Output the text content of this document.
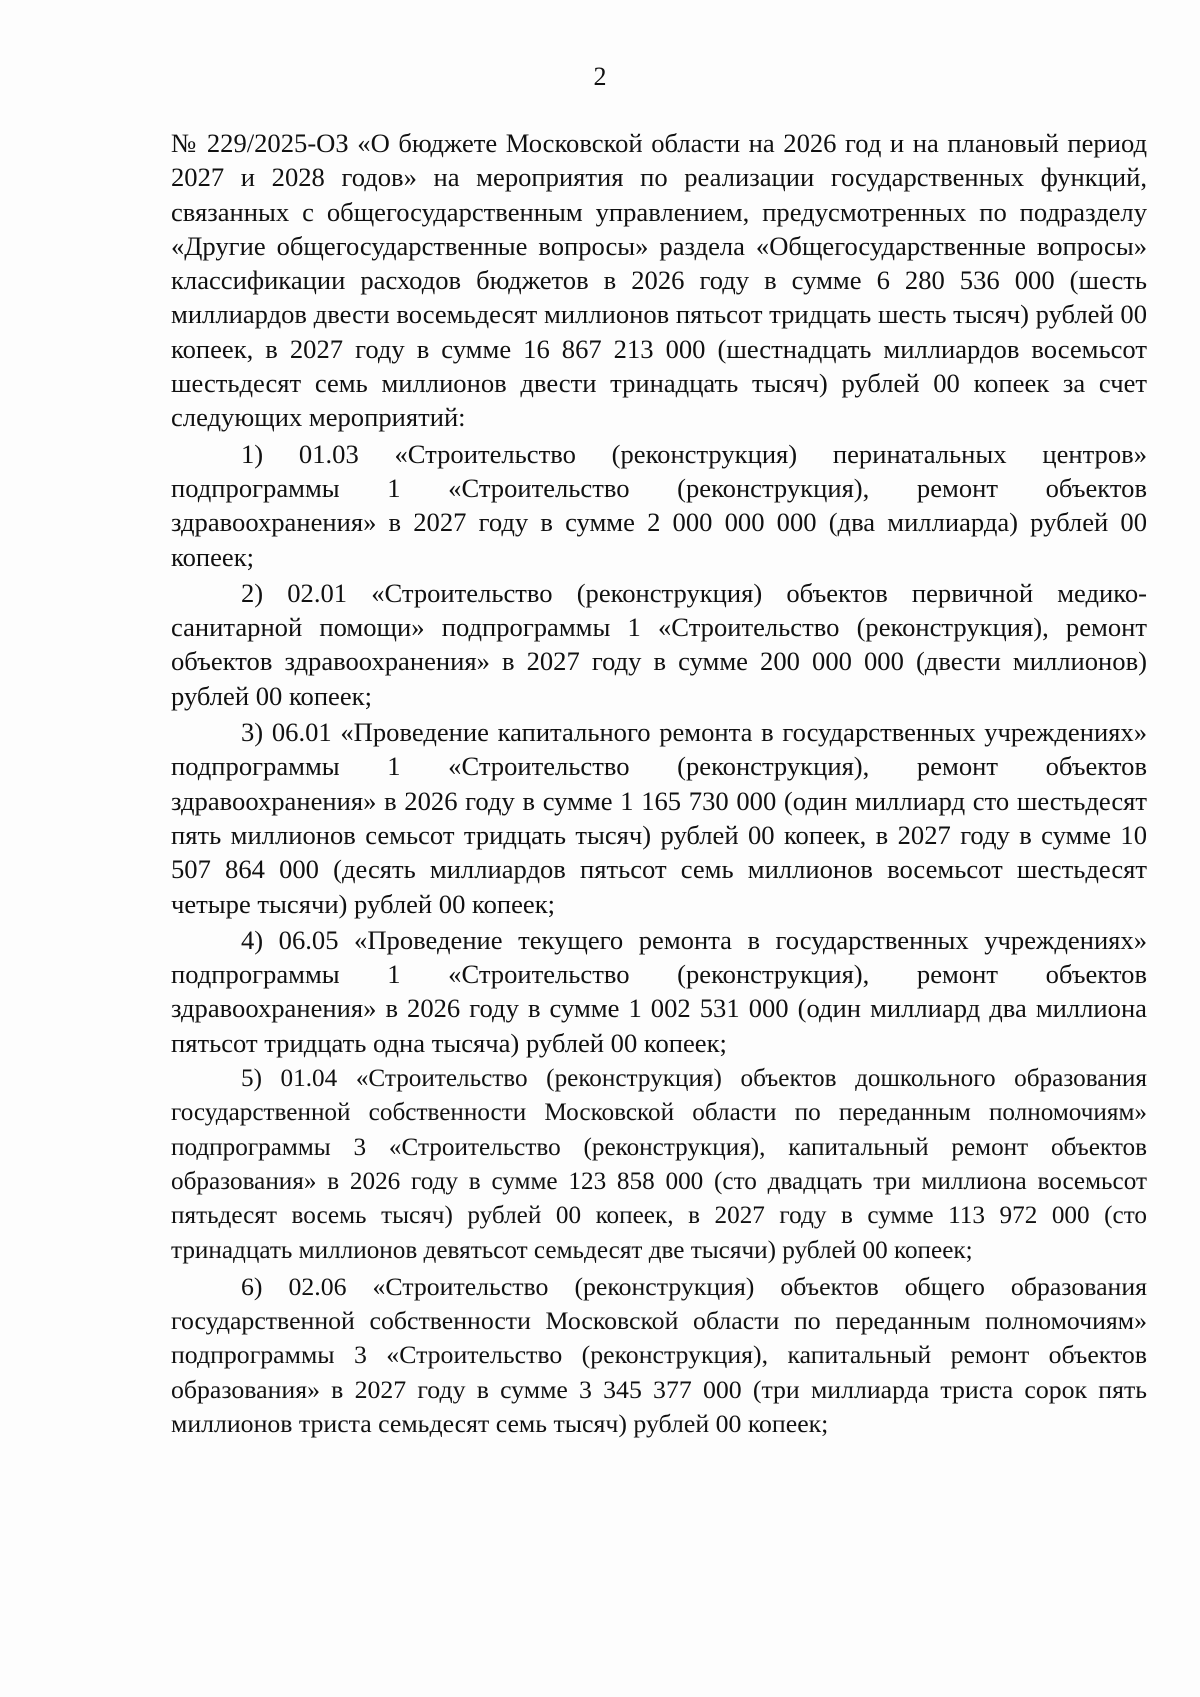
2

№ 229/2025-ОЗ «О бюджете Московской области на 2026 год и на плановый период 2027 и 2028 годов» на мероприятия по реализации государственных функций, связанных с общегосударственным управлением, предусмотренных по подразделу «Другие общегосударственные вопросы» раздела «Общегосударственные вопросы» классификации расходов бюджетов в 2026 году в сумме 6 280 536 000 (шесть миллиардов двести восемьдесят миллионов пятьсот тридцать шесть тысяч) рублей 00 копеек, в 2027 году в сумме 16 867 213 000 (шестнадцать миллиардов восемьсот шестьдесят семь миллионов двести тринадцать тысяч) рублей 00 копеек за счет следующих мероприятий:

1) 01.03 «Строительство (реконструкция) перинатальных центров» подпрограммы 1 «Строительство (реконструкция), ремонт объектов здравоохранения» в 2027 году в сумме 2 000 000 000 (два миллиарда) рублей 00 копеек;

2) 02.01 «Строительство (реконструкция) объектов первичной медико-санитарной помощи» подпрограммы 1 «Строительство (реконструкция), ремонт объектов здравоохранения» в 2027 году в сумме 200 000 000 (двести миллионов) рублей 00 копеек;

3) 06.01 «Проведение капитального ремонта в государственных учреждениях» подпрограммы 1 «Строительство (реконструкция), ремонт объектов здравоохранения» в 2026 году в сумме 1 165 730 000 (один миллиард сто шестьдесят пять миллионов семьсот тридцать тысяч) рублей 00 копеек, в 2027 году в сумме 10 507 864 000 (десять миллиардов пятьсот семь миллионов восемьсот шестьдесят четыре тысячи) рублей 00 копеек;

4) 06.05 «Проведение текущего ремонта в государственных учреждениях» подпрограммы 1 «Строительство (реконструкция), ремонт объектов здравоохранения» в 2026 году в сумме 1 002 531 000 (один миллиард два миллиона пятьсот тридцать одна тысяча) рублей 00 копеек;

5) 01.04 «Строительство (реконструкция) объектов дошкольного образования государственной собственности Московской области по переданным полномочиям» подпрограммы 3 «Строительство (реконструкция), капитальный ремонт объектов образования» в 2026 году в сумме 123 858 000 (сто двадцать три миллиона восемьсот пятьдесят восемь тысяч) рублей 00 копеек, в 2027 году в сумме 113 972 000 (сто тринадцать миллионов девятьсот семьдесят две тысячи) рублей 00 копеек;

6) 02.06 «Строительство (реконструкция) объектов общего образования государственной собственности Московской области по переданным полномочиям» подпрограммы 3 «Строительство (реконструкция), капитальный ремонт объектов образования» в 2027 году в сумме 3 345 377 000 (три миллиарда триста сорок пять миллионов триста семьдесят семь тысяч) рублей 00 копеек;
